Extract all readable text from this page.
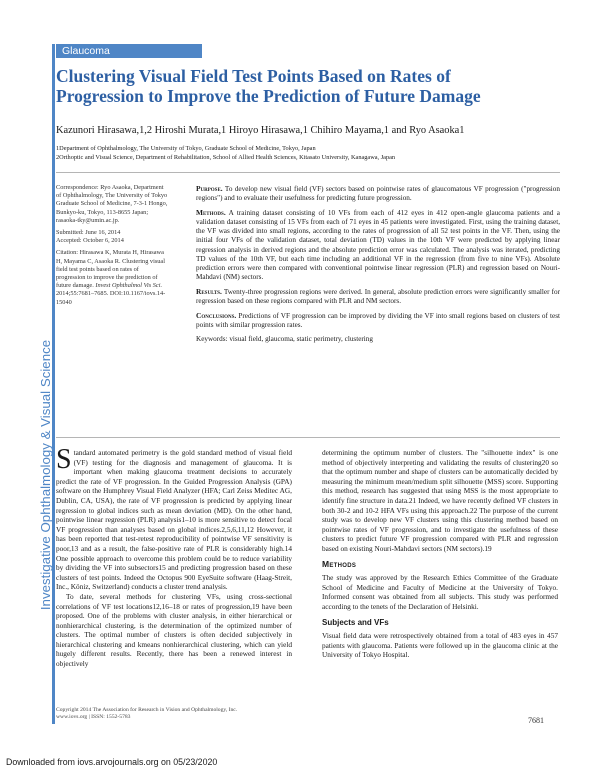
Glaucoma
Investigative Ophthalmology & Visual Science
Clustering Visual Field Test Points Based on Rates of
Progression to Improve the Prediction of Future Damage
Kazunori Hirasawa,1,2 Hiroshi Murata,1 Hiroyo Hirasawa,1 Chihiro Mayama,1 and Ryo Asaoka1
1Department of Ophthalmology, The University of Tokyo, Graduate School of Medicine, Tokyo, Japan
2Orthoptic and Visual Science, Department of Rehabilitation, School of Allied Health Sciences, Kitasato University, Kanagawa, Japan

Correspondence: Ryo Asaoka, Department of Ophthalmology, The University of Tokyo Graduate School of Medicine, 7-3-1 Hongo, Bunkyo-ku, Tokyo, 113-8655 Japan; rasaoka-tky@umin.ac.jp.

Submitted: June 16, 2014

Accepted: October 6, 2014

Citation: Hirasawa K, Murata H, Hirasawa H, Mayama C, Asaoka R. Clustering visual field test points based on rates of progression to improve the prediction of future damage. Invest Ophthalmol Vis Sci. 2014;55:7681–7685. DOI:10.1167/iovs.14-15040

Purpose. To develop new visual field (VF) sectors based on pointwise rates of glaucomatous VF progression ("progression regions") and to evaluate their usefulness for predicting future progression.

Methods. A training dataset consisting of 10 VFs from each of 412 eyes in 412 open-angle glaucoma patients and a validation dataset consisting of 15 VFs from each of 71 eyes in 45 patients were investigated. First, using the training dataset, the VF was divided into small regions, according to the rates of progression of all 52 test points in the VF. Then, using the initial four VFs of the validation dataset, total deviation (TD) values in the 10th VF were predicted by applying linear regression analysis in derived regions and the absolute prediction error was calculated. The analysis was iterated, predicting TD values of the 10th VF, but each time including an additional VF in the regression (from five to nine VFs). Absolute prediction errors were then compared with conventional pointwise linear regression (PLR) and regression based on Nouri-Mahdavi (NM) sectors.

Results. Twenty-three progression regions were derived. In general, absolute prediction errors were significantly smaller for regression based on these regions compared with PLR and NM sectors.

Conclusions. Predictions of VF progression can be improved by dividing the VF into small regions based on clusters of test points with similar progression rates.

Keywords: visual field, glaucoma, static perimetry, clustering

Standard automated perimetry is the gold standard method of visual field (VF) testing for the diagnosis and management of glaucoma. It is important when making glaucoma treatment decisions to accurately predict the rate of VF progression. In the Guided Progression Analysis (GPA) software on the Humphrey Visual Field Analyzer (HFA; Carl Zeiss Meditec AG, Dublin, CA, USA), the rate of VF progression is predicted by applying linear regression to global indices such as mean deviation (MD). On the other hand, pointwise linear regression (PLR) analysis1–10 is more sensitive to detect focal VF progression than analyses based on global indices.2,5,6,11,12 However, it has been reported that test-retest reproducibility of pointwise VF sensitivity is poor,13 and as a result, the false-positive rate of PLR is considerably high.14 One possible approach to overcome this problem could be to reduce variability by dividing the VF into subsectors15 and predicting progression based on these clusters of test points. Indeed the Octopus 900 EyeSuite software (Haag-Streit, Inc., Köniz, Switzerland) conducts a cluster trend analysis.

To date, several methods for clustering VFs, using cross-sectional correlations of VF test locations12,16–18 or rates of progression,19 have been proposed. One of the problems with cluster analysis, in either hierarchical or nonhierarchical clustering, is the determination of the optimized number of clusters. The optimal number of clusters is often decided subjectively in hierarchical clustering and kmeans nonhierarchical clustering, which can yield hugely different results. Recently, there has been a renewed interest in objectively

determining the optimum number of clusters. The "silhouette index" is one method of objectively interpreting and validating the results of clustering20 so that the optimum number and shape of clusters can be automatically decided by measuring the minimum mean/medium split silhouette (MSS) score. Supporting this method, research has suggested that using MSS is the most appropriate to identify fine structure in data.21 Indeed, we have recently defined VF clusters in both 30-2 and 10-2 HFA VFs using this approach.22 The purpose of the current study was to develop new VF clusters using this clustering method based on pointwise rates of VF progression, and to investigate the usefulness of these clusters to predict future VF progression compared with PLR and regression based on existing Nouri-Mahdavi sectors (NM sectors).19

Methods

The study was approved by the Research Ethics Committee of the Graduate School of Medicine and Faculty of Medicine at the University of Tokyo. Informed consent was obtained from all subjects. This study was performed according to the tenets of the Declaration of Helsinki.

Subjects and VFs

Visual field data were retrospectively obtained from a total of 483 eyes in 457 patients with glaucoma. Patients were followed up in the glaucoma clinic at the University of Tokyo Hospital.

Copyright 2014 The Association for Research in Vision and Ophthalmology, Inc.
www.iovs.org | ISSN: 1552-5783	7681
Downloaded from iovs.arvojournals.org on 05/23/2020
